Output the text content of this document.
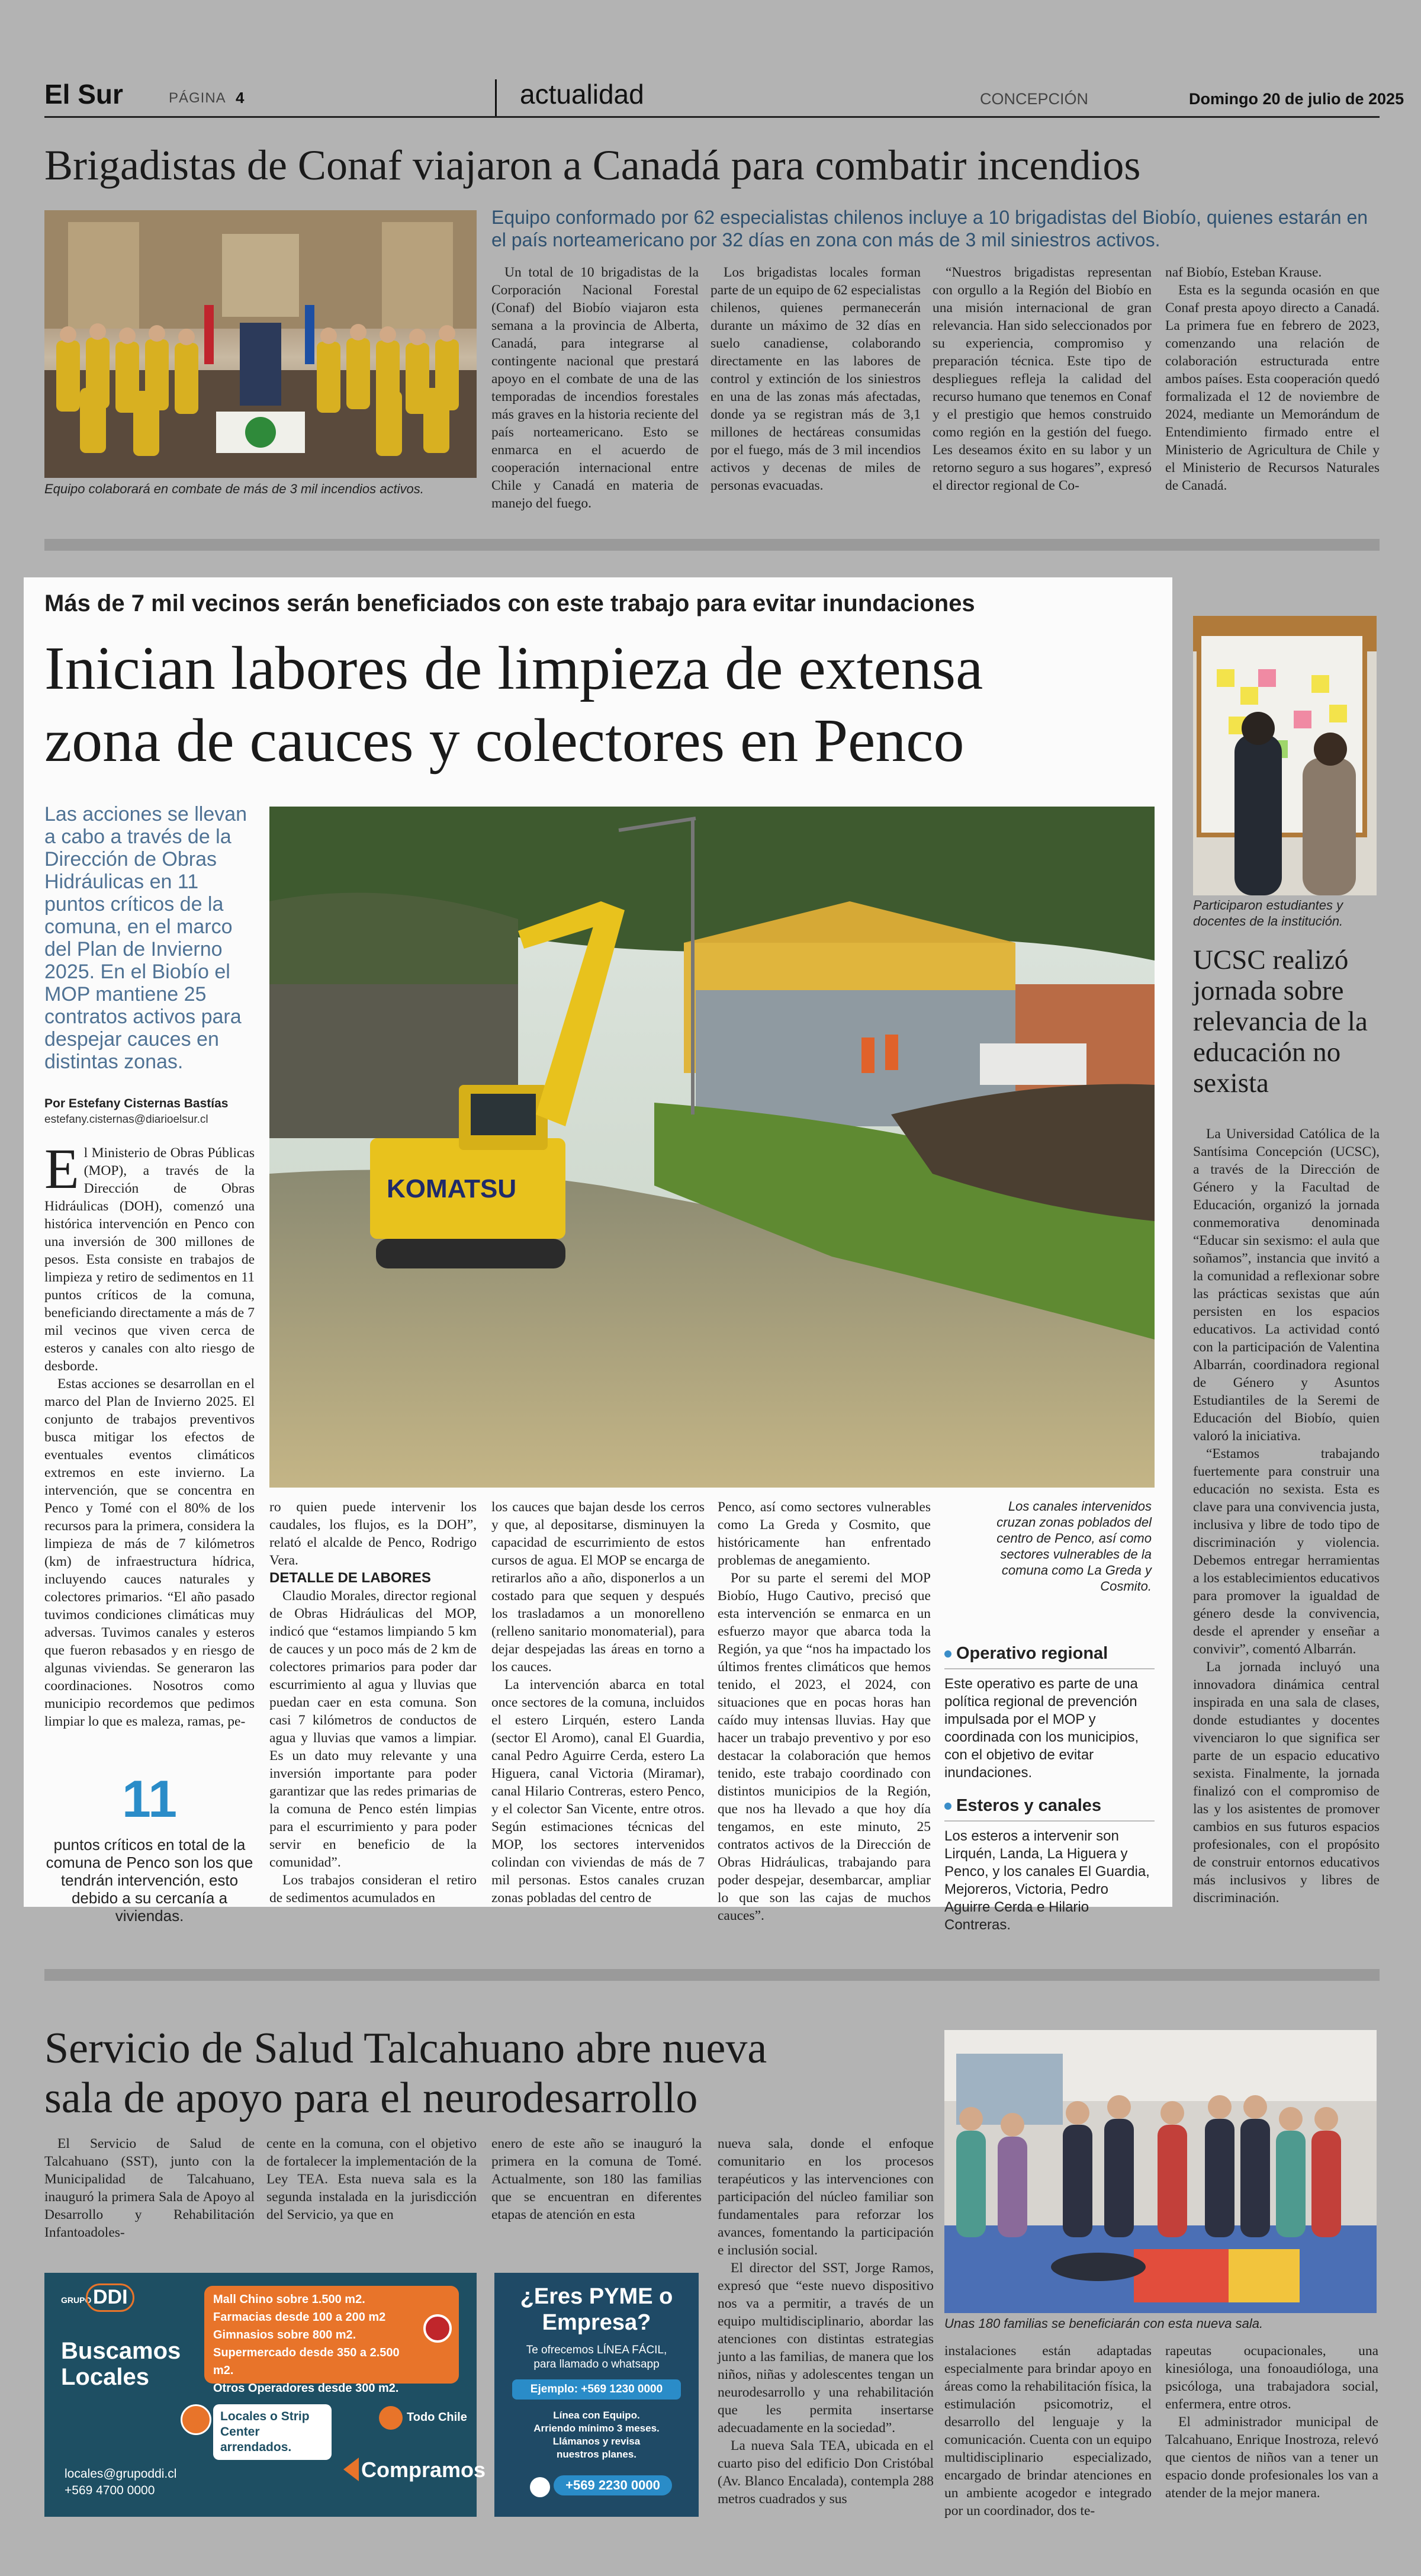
El Sur	PÁGINA 4	actualidad	CONCEPCIÓN	Domingo 20 de julio de 2025
Brigadistas de Conaf viajaron a Canadá para combatir incendios
Equipo colaborará en combate de más de 3 mil incendios activos.
Equipo conformado por 62 especialistas chilenos incluye a 10 brigadistas del Biobío, quienes estarán en el país norteamericano por 32 días en zona con más de 3 mil siniestros activos.

Un total de 10 brigadistas de la Corporación Nacional Forestal (Conaf) del Biobío viajaron esta semana a la provincia de Alberta, Canadá, para integrarse al contingente nacional que prestará apoyo en el combate de una de las temporadas de incendios forestales más graves en la historia reciente del país norteamericano. Esto se enmarca en el acuerdo de cooperación internacional entre Chile y Canadá en materia de manejo del fuego.

Los brigadistas locales forman parte de un equipo de 62 especialistas chilenos, quienes permanecerán durante un máximo de 32 días en suelo canadiense, colaborando directamente en las labores de control y extinción de los siniestros en una de las zonas más afectadas, donde ya se registran más de 3,1 millones de hectáreas consumidas por el fuego, más de 3 mil incendios activos y decenas de miles de personas evacuadas.

“Nuestros brigadistas representan con orgullo a la Región del Biobío en una misión internacional de gran relevancia. Han sido seleccionados por su experiencia, compromiso y preparación técnica. Este tipo de despliegues refleja la calidad del recurso humano que tenemos en Conaf y el prestigio que hemos construido como región en la gestión del fuego. Les deseamos éxito en su labor y un retorno seguro a sus hogares”, expresó el director regional de Co-

naf Biobío, Esteban Krause.

Esta es la segunda ocasión en que Conaf presta apoyo directo a Canadá. La primera fue en febrero de 2023, comenzando una relación de colaboración estructurada entre ambos países. Esta cooperación quedó formalizada el 12 de noviembre de 2024, mediante un Memorándum de Entendimiento firmado entre el Ministerio de Agricultura de Chile y el Ministerio de Recursos Naturales de Canadá.

Más de 7 mil vecinos serán beneficiados con este trabajo para evitar inundaciones
Inician labores de limpieza de extensa
zona de cauces y colectores en Penco
Las acciones se llevan a cabo a través de la Dirección de Obras Hidráulicas en 11 puntos críticos de la comuna, en el marco del Plan de Invierno 2025. En el Biobío el MOP mantiene 25 contratos activos para despejar cauces en distintas zonas.
Por Estefany Cisternas Bastías
estefany.cisternas@diarioelsur.cl
KOMATSU

El Ministerio de Obras Públicas (MOP), a través de la Dirección de Obras Hidráulicas (DOH), comenzó una histórica intervención en Penco con una inversión de 300 millones de pesos. Esta consiste en trabajos de limpieza y retiro de sedimentos en 11 puntos críticos de la comuna, beneficiando directamente a más de 7 mil vecinos que viven cerca de esteros y canales con alto riesgo de desborde.

Estas acciones se desarrollan en el marco del Plan de Invierno 2025. El conjunto de trabajos preventivos busca mitigar los efectos de eventuales eventos climáticos extremos en este invierno. La intervención, que se concentra en Penco y Tomé con el 80% de los recursos para la primera, considera la limpieza de más de 7 kilómetros (km) de infraestructura hídrica, incluyendo cauces naturales y colectores primarios. “El año pasado tuvimos condiciones climáticas muy adversas. Tuvimos canales y esteros que fueron rebasados y en riesgo de algunas viviendas. Se generaron las coordinaciones. Nosotros como municipio recordemos que pedimos limpiar lo que es maleza, ramas, pe-

ro quien puede intervenir los caudales, los flujos, es la DOH”, relató el alcalde de Penco, Rodrigo Vera.

DETALLE DE LABORES

Claudio Morales, director regional de Obras Hidráulicas del MOP, indicó que “estamos limpiando 5 km de cauces y un poco más de 2 km de colectores primarios para poder dar escurrimiento al agua y lluvias que puedan caer en esta comuna. Son casi 7 kilómetros de conductos de agua y lluvias que vamos a limpiar. Es un dato muy relevante y una inversión importante para poder garantizar que las redes primarias de la comuna de Penco estén limpias para el escurrimiento y para poder servir en beneficio de la comunidad”.

Los trabajos consideran el retiro de sedimentos acumulados en

los cauces que bajan desde los cerros y que, al depositarse, disminuyen la capacidad de escurrimiento de estos cursos de agua. El MOP se encarga de retirarlos año a año, disponerlos a un costado para que sequen y después los trasladamos a un monorelleno (relleno sanitario monomaterial), para dejar despejadas las áreas en torno a los cauces.

La intervención abarca en total once sectores de la comuna, incluidos el estero Lirquén, estero Landa (sector El Aromo), canal El Guardia, canal Pedro Aguirre Cerda, estero La Higuera, canal Victoria (Miramar), canal Hilario Contreras, estero Penco, y el colector San Vicente, entre otros. Según estimaciones técnicas del MOP, los sectores intervenidos colindan con viviendas de más de 7 mil personas. Estos canales cruzan zonas pobladas del centro de

Penco, así como sectores vulnerables como La Greda y Cosmito, que históricamente han enfrentado problemas de anegamiento.

Por su parte el seremi del MOP Biobío, Hugo Cautivo, precisó que esta intervención se enmarca en un esfuerzo mayor que abarca toda la Región, ya que “nos ha impactado los últimos frentes climáticos que hemos tenido, el 2023, el 2024, con situaciones que en pocas horas han caído muy intensas lluvias. Hay que hacer un trabajo preventivo y por eso destacar la colaboración que hemos tenido, este trabajo coordinado con distintos municipios de la Región, que nos ha llevado a que hoy día tengamos, en este minuto, 25 contratos activos de la Dirección de Obras Hidráulicas, trabajando para poder despejar, desembarcar, ampliar lo que son las cajas de muchos cauces”.

Los canales intervenidos cruzan zonas poblados del centro de Penco, así como sectores vulnerables de la comuna como La Greda y Cosmito.
Operativo regional
Este operativo es parte de una política regional de prevención impulsada por el MOP y coordinada con los municipios, con el objetivo de evitar inundaciones.
Esteros y canales
Los esteros a intervenir son Lirquén, Landa, La Higuera y Penco, y los canales El Guardia, Mejoreros, Victoria, Pedro Aguirre Cerda e Hilario Contreras.
11
puntos críticos en total de la comuna de Penco son los que tendrán intervención, esto debido a su cercanía a viviendas.
Participaron estudiantes y docentes de la institución.
UCSC realizó jornada sobre relevancia de la educación no sexista

La Universidad Católica de la Santísima Concepción (UCSC), a través de la Dirección de Género y la Facultad de Educación, organizó la jornada conmemorativa denominada “Educar sin sexismo: el aula que soñamos”, instancia que invitó a la comunidad a reflexionar sobre las prácticas sexistas que aún persisten en los espacios educativos. La actividad contó con la participación de Valentina Albarrán, coordinadora regional de Género y Asuntos Estudiantiles de la Seremi de Educación del Biobío, quien valoró la iniciativa.

“Estamos trabajando fuertemente para construir una educación no sexista. Esta es clave para una convivencia justa, inclusiva y libre de todo tipo de discriminación y violencia. Debemos entregar herramientas a los establecimientos educativos para promover la igualdad de género desde la convivencia, desde el aprender y enseñar a convivir”, comentó Albarrán.

La jornada incluyó una innovadora dinámica central inspirada en una sala de clases, donde estudiantes y docentes vivenciaron lo que significa ser parte de un espacio educativo sexista. Finalmente, la jornada finalizó con el compromiso de las y los asistentes de promover cambios en sus futuros espacios profesionales, con el propósito de construir entornos educativos más inclusivos y libres de discriminación.

Servicio de Salud Talcahuano abre nueva
sala de apoyo para el neurodesarrollo

El Servicio de Salud de Talcahuano (SST), junto con la Municipalidad de Talcahuano, inauguró la primera Sala de Apoyo al Desarrollo y Rehabilitación Infantoadoles-

cente en la comuna, con el objetivo de fortalecer la implementación de la Ley TEA. Esta nueva sala es la segunda instalada en la jurisdicción del Servicio, ya que en

enero de este año se inauguró la primera en la comuna de Tomé. Actualmente, son 180 las familias que se encuentran en diferentes etapas de atención en esta

nueva sala, donde el enfoque comunitario en los procesos terapéuticos y las intervenciones con participación del núcleo familiar son fundamentales para reforzar los avances, fomentando la participación e inclusión social.

El director del SST, Jorge Ramos, expresó que “este nuevo dispositivo nos va a permitir, a través de un equipo multidisciplinario, abordar las atenciones con distintas estrategias junto a las familias, de manera que los niños, niñas y adolescentes tengan un neurodesarrollo y una rehabilitación que les permita insertarse adecuadamente en la sociedad”.

La nueva Sala TEA, ubicada en el cuarto piso del edificio Don Cristóbal (Av. Blanco Encalada), contempla 288 metros cuadrados y sus

Unas 180 familias se beneficiarán con esta nueva sala.

instalaciones están adaptadas especialmente para brindar apoyo en áreas como la rehabilitación física, la estimulación psicomotriz, el desarrollo del lenguaje y la comunicación. Cuenta con un equipo multidisciplinario especializado, encargado de brindar atenciones en un ambiente acogedor e integrado por un coordinador, dos te-

rapeutas ocupacionales, una kinesióloga, una fonoaudióloga, una psicóloga, una trabajadora social, enfermera, entre otros.

El administrador municipal de Talcahuano, Enrique Inostroza, relevó que cientos de niños van a tener un espacio donde profesionales los van a atender de la mejor manera.

GRUPO DDI
Buscamos Locales
Mall Chino sobre 1.500 m2.
Farmacias desde 100 a 200 m2
Gimnasios sobre 800 m2.
Supermercado desde 350 a 2.500 m2.
Otros Operadores desde 300 m2.
Todo Chile
Locales o Strip Center arrendados.
Compramos
locales@grupoddi.cl
+569 4700 0000
¿Eres PYME o Empresa?
Te ofrecemos LÍNEA FÁCIL,
para llamado o whatsapp
Ejemplo: +569 1230 0000
Línea con Equipo.
Arriendo mínimo 3 meses.
Llámanos y revisa
nuestros planes.
+569 2230 0000
